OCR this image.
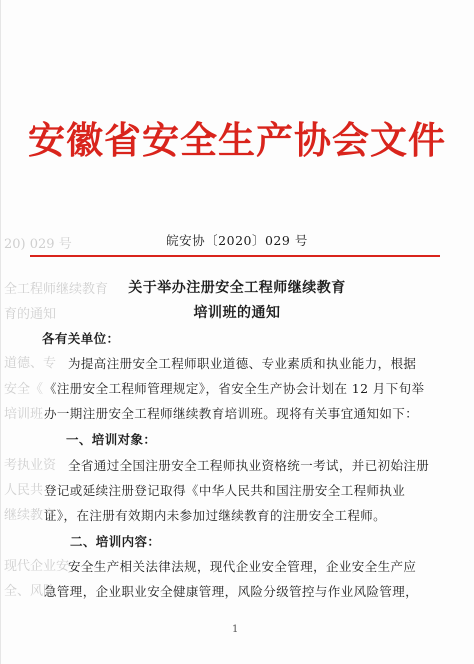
20) 029 号
全工程师继续教育
育的通知
道德、专
安全《
培训班
考执业资
人民共
继续教育
现代企业安
全、风险
安徽省安全生产协会文件
皖安协〔2020〕029 号
关于举办注册安全工程师继续教育
培训班的通知
各有关单位：
为提高注册安全工程师职业道德、专业素质和执业能力，根据
《注册安全工程师管理规定》，省安全生产协会计划在 12 月下旬举
办一期注册安全工程师继续教育培训班。现将有关事宜通知如下：
一、培训对象：
全省通过全国注册安全工程师执业资格统一考试，并已初始注册
登记或延续注册登记取得《中华人民共和国注册安全工程师执业
证》，在注册有效期内未参加过继续教育的注册安全工程师。
二、培训内容：
安全生产相关法律法规，现代企业安全管理，企业安全生产应
急管理，企业职业安全健康管理，风险分级管控与作业风险管理，
1
